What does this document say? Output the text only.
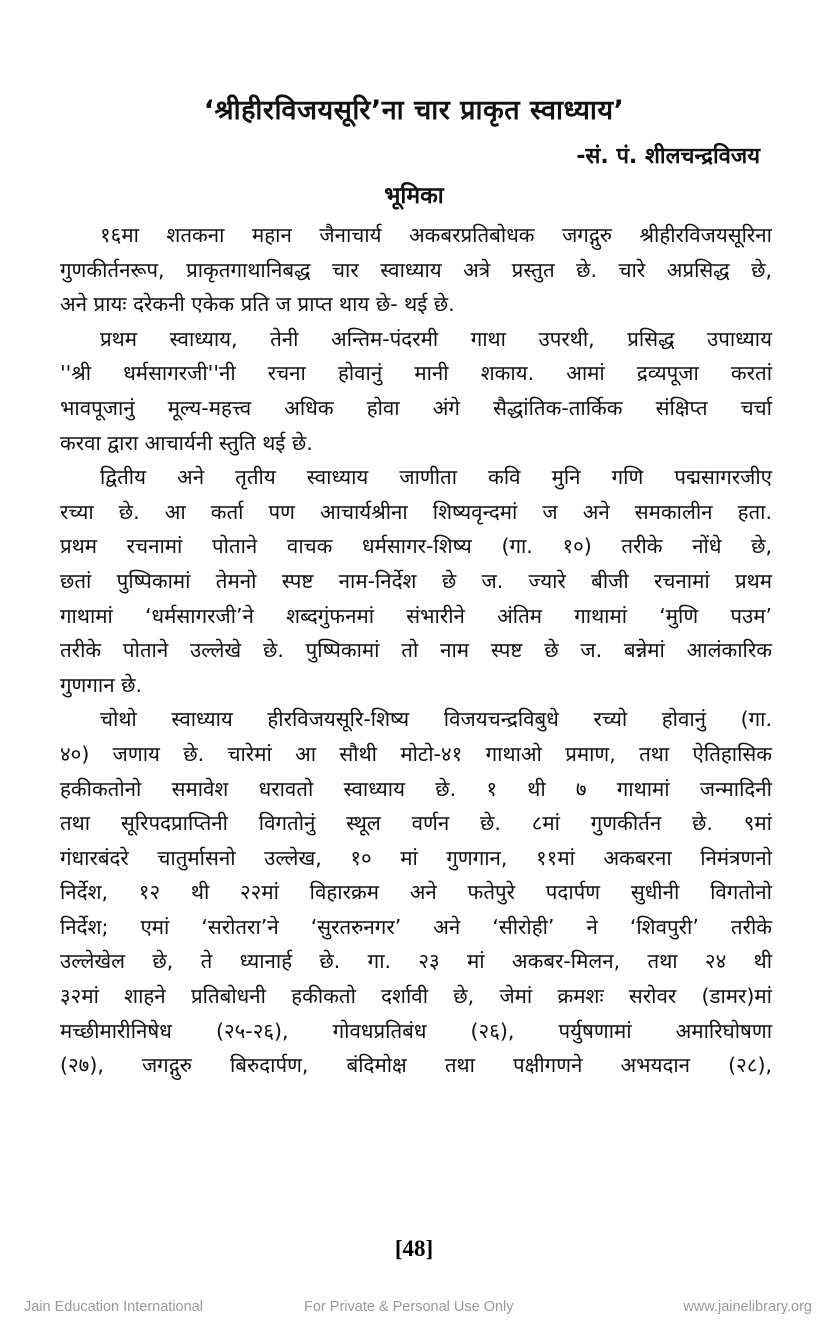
‘श्रीहीरविजयसूरि’ना चार प्राकृत स्वाध्याय’
-सं. पं. शीलचन्द्रविजय
भूमिका
१६मा शतकना महान जैनाचार्य अकबरप्रतिबोधक जगद्गुरु श्रीहीरविजयसूरिना
गुणकीर्तनरूप, प्राकृतगाथानिबद्ध चार स्वाध्याय अत्रे प्रस्तुत छे. चारे अप्रसिद्ध छे,
अने प्रायः दरेकनी एकेक प्रति ज प्राप्त थाय छे- थई छे.
प्रथम स्वाध्याय, तेनी अन्तिम-पंदरमी गाथा उपरथी, प्रसिद्ध उपाध्याय
''श्री धर्मसागरजी''नी रचना होवानुं मानी शकाय. आमां द्रव्यपूजा करतां
भावपूजानुं मूल्य-महत्त्व अधिक होवा अंगे सैद्धांतिक-तार्किक संक्षिप्त चर्चा
करवा द्वारा आचार्यनी स्तुति थई छे.
द्वितीय अने तृतीय स्वाध्याय जाणीता कवि मुनि गणि पद्मसागरजीए
रच्या छे. आ कर्ता पण आचार्यश्रीना शिष्यवृन्दमां ज अने समकालीन हता.
प्रथम रचनामां पोताने वाचक धर्मसागर-शिष्य (गा. १०) तरीके नोंधे छे,
छतां पुष्पिकामां तेमनो स्पष्ट नाम-निर्देश छे ज. ज्यारे बीजी रचनामां प्रथम
गाथामां ‘धर्मसागरजी’ने शब्दगुंफनमां संभारीने अंतिम गाथामां ‘मुणि पउम’
तरीके पोताने उल्लेखे छे. पुष्पिकामां तो नाम स्पष्ट छे ज. बन्नेमां आलंकारिक
गुणगान छे.
चोथो स्वाध्याय हीरविजयसूरि-शिष्य विजयचन्द्रविबुधे रच्यो होवानुं (गा.
४०) जणाय छे. चारेमां आ सौथी मोटो-४१ गाथाओ प्रमाण, तथा ऐतिहासिक
हकीकतोनो समावेश धरावतो स्वाध्याय छे. १ थी ७ गाथामां जन्मादिनी
तथा सूरिपदप्राप्तिनी विगतोनुं स्थूल वर्णन छे. ८मां गुणकीर्तन छे. ९मां
गंधारबंदरे चातुर्मासनो उल्लेख, १० मां गुणगान, ११मां अकबरना निमंत्रणनो
निर्देश, १२ थी २२मां विहारक्रम अने फतेपुरे पदार्पण सुधीनी विगतोनो
निर्देश; एमां ‘सरोतरा’ने ‘सुरतरुनगर’ अने ‘सीरोही’ ने ‘शिवपुरी’ तरीके
उल्लेखेल छे, ते ध्यानार्ह छे. गा. २३ मां अकबर-मिलन, तथा २४ थी
३२मां शाहने प्रतिबोधनी हकीकतो दर्शावी छे, जेमां क्रमशः सरोवर (डामर)मां
मच्छीमारीनिषेध (२५-२६), गोवधप्रतिबंध (२६), पर्युषणामां अमारिघोषणा
(२७), जगद्गुरु बिरुदार्पण, बंदिमोक्ष तथा पक्षीगणने अभयदान (२८),
[48]
Jain Education International	For Private & Personal Use Only	www.jainelibrary.org
